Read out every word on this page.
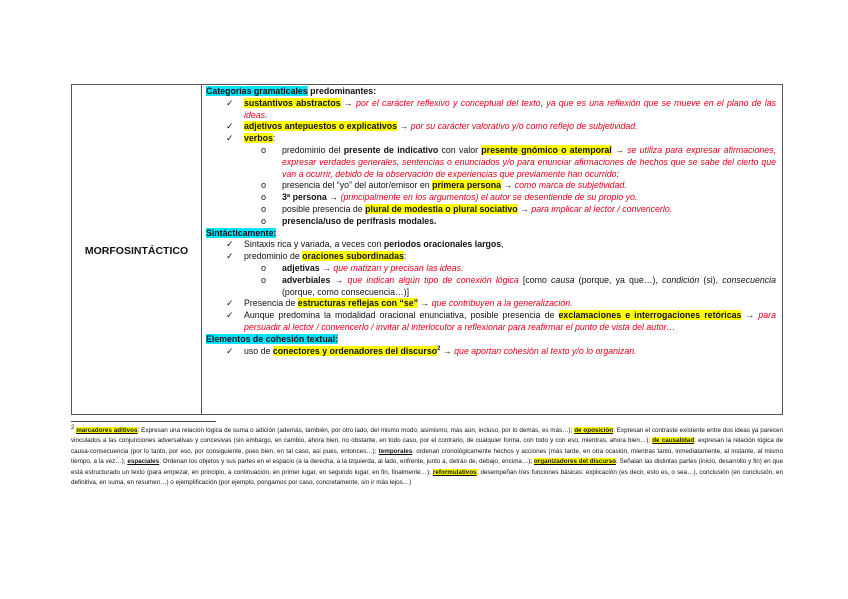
MORFOSINTÁCTICO	
Categorías gramaticales predominantes:
✓ sustantivos abstractos → por el carácter reflexivo y conceptual del texto, ya que es una reflexión que se mueve en el plano de las ideas.
✓ adjetivos antepuestos o explicativos → por su carácter valorativo y/o como reflejo de subjetividad.
✓ verbos:
o predominio del presente de indicativo con valor presente gnómico o atemporal → se utiliza para expresar afirmaciones, expresar verdades generales, sentencias o enunciados y/o para enunciar afirmaciones de hechos que se sabe del cierto que van a ocurrir, debido de la observación de experiencias que previamente han ocurrido;
o presencia del “yo” del autor/emisor en primera persona → como marca de subjetividad.
o 3ª persona → (principalmente en los argumentos) el autor se desentiende de su propio yo.
o posible presencia de plural de modestia o plural sociativo → para implicar al lector / convencerlo.
o presencia/uso de perífrasis modales.
Sintácticamente:
✓ Sintaxis rica y variada, a veces con periodos oracionales largos,
✓ predominio de oraciones subordinadas:
o adjetivas → que matizan y precisan las ideas.
o adverbiales → que indican algún tipo de conexión lógica [como causa (porque, ya que…), condición (si), consecuencia (porque, como consecuencia…)]
✓ Presencia de estructuras reflejas con “se” → que contribuyen a la generalización.
✓ Aunque predomina la modalidad oracional enunciativa, posible presencia de exclamaciones e interrogaciones retóricas → para persuadir al lector / convencerlo / invitar al interlocutor a reflexionar para reafirmar el punto de vista del autor…
Elementos de cohesión textual:
✓ uso de conectores y ordenadores del discurso$^2$ → que aportan cohesión al texto y/o lo organizan.
$^2$ marcadores aditivos: Expresan una relación lógica de suma o adición (además, también, por otro lado, del mismo modo, asimismo, más aún, incluso, por lo demás, es más…); de oposición: Expresan el contraste existente entre dos ideas ya parecen vinculados a las conjunciones adversativas y concesivas (sin embargo, en cambio, ahora bien, no obstante, en todo caso, por el contrario, de cualquier forma, con todo y con eso, mientras, ahora bien…); de causalidad: expresan la relación lógica de causa-consecuencia (por lo tanto, por eso, por consiguiente, pues bien, en tal caso, así pues, entonces…); temporales: ordenan cronológicamente hechos y acciones (más tarde, en otra ocasión, mientras tanto, inmediatamente, al instante, al mismo tiempo, a la vez…); espaciales: Ordenan los objetos y sus partes en el espacio (a la derecha, a la izquierda, al lado, enfrente, junto a, detrás de, debajo, encima…); organizadores del discurso: Señalan las distintas partes (inicio, desarrollo y fin) en que está estructurado un texto (para empezar, en principio, a continuación, en primer lugar, en segundo lugar, en fin, finalmente…); reformulativos: desempeñan tres funciones básicas: explicación (es decir, esto es, o sea…), conclusión (en conclusión, en definitiva, en suma, en resumen…) o ejemplificación (por ejemplo, pongamos por caso, concretamente, sin ir más lejos…)
